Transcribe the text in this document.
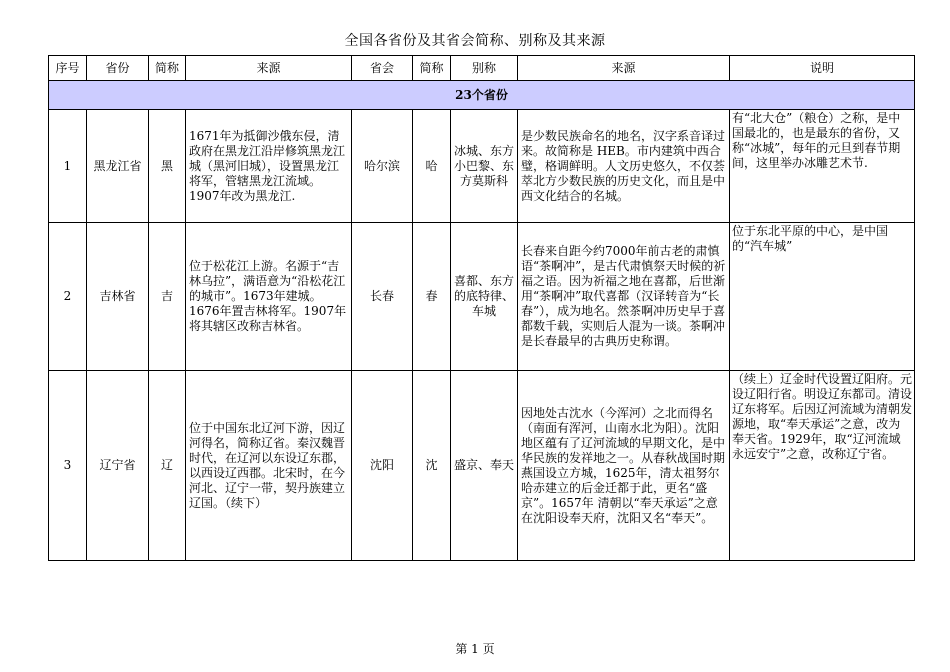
全国各省份及其省会简称、别称及其来源
序号	省份	简称	来源	省会	简称	别称	来源	说明
23个省份								
1	黑龙江省	黑	1671年为抵御沙俄东侵，清政府在黑龙江沿岸修筑黑龙江城（黑河旧城），设置黑龙江将军，管辖黑龙江流域。1907年改为黑龙江.	哈尔滨	哈	冰城、东方小巴黎、东方莫斯科	是少数民族命名的地名，汉字系音译过来。故简称是 HEB。市内建筑中西合璧，格调鲜明。人文历史悠久，不仅荟萃北方少数民族的历史文化，而且是中西文化结合的名城。	有“北大仓”（粮仓）之称，是中国最北的，也是最东的省份，又称“冰城”，每年的元旦到春节期间，这里举办冰雕艺术节.
2	吉林省	吉	位于松花江上游。名源于“吉林乌拉”，满语意为“沿松花江的城市”。1673年建城。1676年置吉林将军。1907年将其辖区改称吉林省。	长春	春	喜都、东方的底特律、车城	长春来自距今约7000年前古老的肃慎语“茶啊冲”，是古代肃慎祭天时候的祈福之语。因为祈福之地在喜都，后世渐用“茶啊冲”取代喜都（汉译转音为“长春”），成为地名。然茶啊冲历史早于喜都数千载，实则后人混为一谈。茶啊冲是长春最早的古典历史称谓。	位于东北平原的中心，是中国的“汽车城”
3	辽宁省	辽	位于中国东北辽河下游，因辽河得名，简称辽省。秦汉魏晋时代，在辽河以东设辽东郡，以西设辽西郡。北宋时，在今河北、辽宁一带，契丹族建立辽国。（续下）	沈阳	沈	盛京、奉天	因地处古沈水（今浑河）之北而得名（南面有浑河，山南水北为阳）。沈阳地区蕴有了辽河流域的早期文化，是中华民族的发祥地之一。从春秋战国时期燕国设立方城，1625年，清太祖努尔哈赤建立的后金迁都于此，更名“盛京”。1657年 清朝以“奉天承运”之意在沈阳设奉天府，沈阳又名“奉天”。	（续上）辽金时代设置辽阳府。元设辽阳行省。明设辽东都司。清设辽东将军。后因辽河流域为清朝发源地，取“奉天承运”之意，改为奉天省。1929年，取“辽河流域永远安宁”之意，改称辽宁省。
第 1 页
